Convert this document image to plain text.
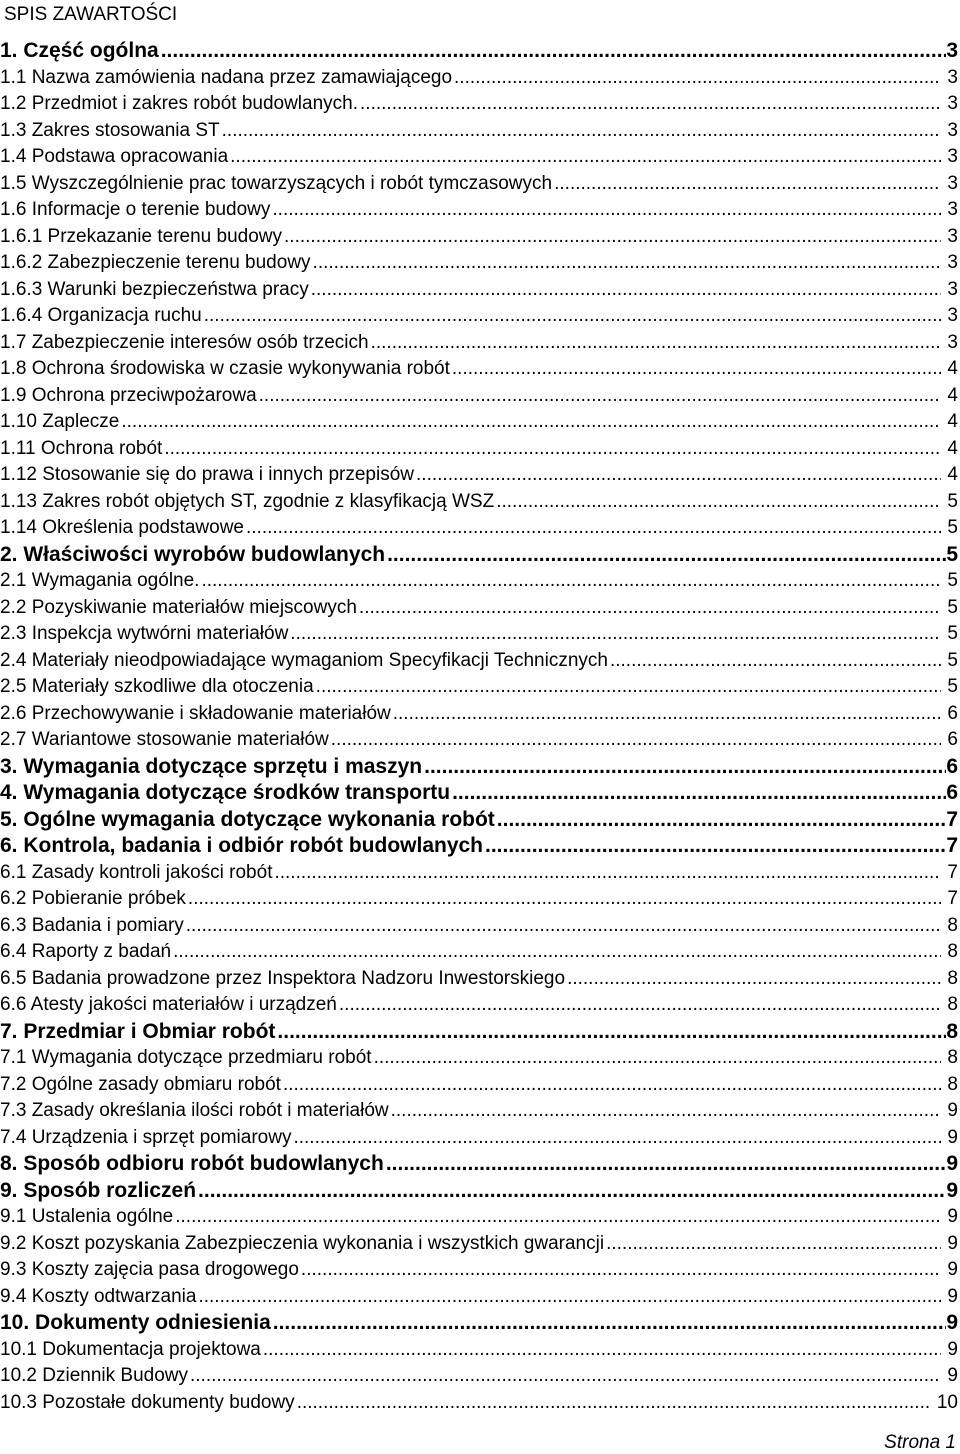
SPIS ZAWARTOŚCI
1. Część ogólna .....	3
1.1 Nazwa zamówienia nadana przez zamawiającego .....	3
1.2 Przedmiot i zakres robót budowlanych. .....	3
1.3 Zakres stosowania ST .....	3
1.4 Podstawa opracowania .....	3
1.5 Wyszczególnienie prac towarzyszących i robót tymczasowych .....	3
1.6 Informacje o terenie budowy .....	3
1.6.1 Przekazanie terenu budowy .....	3
1.6.2 Zabezpieczenie terenu budowy .....	3
1.6.3 Warunki bezpieczeństwa pracy .....	3
1.6.4 Organizacja ruchu .....	3
1.7 Zabezpieczenie interesów osób trzecich .....	3
1.8 Ochrona środowiska w czasie wykonywania robót .....	4
1.9 Ochrona przeciwpożarowa .....	4
1.10 Zaplecze .....	4
1.11 Ochrona robót .....	4
1.12 Stosowanie się do prawa i innych przepisów .....	4
1.13 Zakres robót objętych ST, zgodnie z klasyfikacją WSZ .....	5
1.14 Określenia podstawowe .....	5
2. Właściwości wyrobów budowlanych .....	5
2.1 Wymagania ogólne. .....	5
2.2 Pozyskiwanie materiałów miejscowych .....	5
2.3 Inspekcja wytwórni materiałów .....	5
2.4 Materiały nieodpowiadające wymaganiom Specyfikacji Technicznych .....	5
2.5 Materiały szkodliwe dla otoczenia .....	5
2.6 Przechowywanie i składowanie materiałów .....	6
2.7 Wariantowe stosowanie materiałów .....	6
3. Wymagania dotyczące sprzętu i maszyn .....	6
4. Wymagania dotyczące środków transportu .....	6
5. Ogólne wymagania dotyczące wykonania robót .....	7
6. Kontrola, badania i odbiór robót budowlanych .....	7
6.1 Zasady kontroli jakości robót .....	7
6.2 Pobieranie próbek .....	7
6.3 Badania i pomiary .....	8
6.4 Raporty z badań .....	8
6.5 Badania prowadzone przez Inspektora Nadzoru Inwestorskiego .....	8
6.6 Atesty jakości materiałów i urządzeń .....	8
7. Przedmiar i Obmiar robót .....	8
7.1 Wymagania dotyczące przedmiaru robót .....	8
7.2 Ogólne zasady obmiaru robót .....	8
7.3 Zasady określania ilości robót i materiałów .....	9
7.4 Urządzenia i sprzęt pomiarowy .....	9
8. Sposób odbioru robót budowlanych .....	9
9. Sposób rozliczeń .....	9
9.1 Ustalenia ogólne .....	9
9.2 Koszt pozyskania Zabezpieczenia wykonania i wszystkich gwarancji .....	9
9.3 Koszty zajęcia pasa drogowego .....	9
9.4 Koszty odtwarzania .....	9
10. Dokumenty odniesienia .....	9
10.1 Dokumentacja projektowa .....	9
10.2 Dziennik Budowy .....	9
10.3 Pozostałe dokumenty budowy .....	10
Strona 1
